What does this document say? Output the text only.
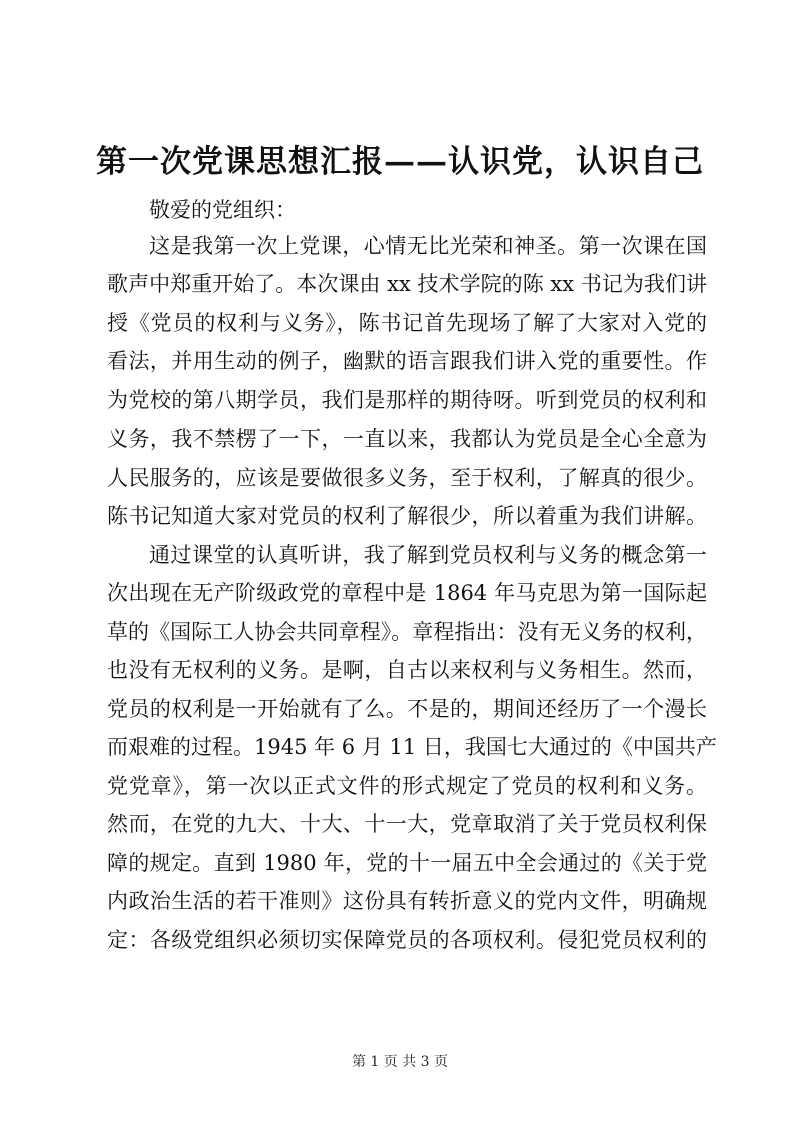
第一次党课思想汇报——认识党，认识自己
敬爱的党组织：
这是我第一次上党课，心情无比光荣和神圣。第一次课在国
歌声中郑重开始了。本次课由 xx 技术学院的陈 xx 书记为我们讲
授《党员的权利与义务》，陈书记首先现场了解了大家对入党的
看法，并用生动的例子，幽默的语言跟我们讲入党的重要性。作
为党校的第八期学员，我们是那样的期待呀。听到党员的权利和
义务，我不禁楞了一下，一直以来，我都认为党员是全心全意为
人民服务的，应该是要做很多义务，至于权利，了解真的很少。
陈书记知道大家对党员的权利了解很少，所以着重为我们讲解。
通过课堂的认真听讲，我了解到党员权利与义务的概念第一
次出现在无产阶级政党的章程中是 1864 年马克思为第一国际起
草的《国际工人协会共同章程》。章程指出：没有无义务的权利，
也没有无权利的义务。是啊，自古以来权利与义务相生。然而，
党员的权利是一开始就有了么。不是的，期间还经历了一个漫长
而艰难的过程。1945 年 6 月 11 日，我国七大通过的《中国共产
党党章》，第一次以正式文件的形式规定了党员的权利和义务。
然而，在党的九大、十大、十一大，党章取消了关于党员权利保
障的规定。直到 1980 年，党的十一届五中全会通过的《关于党
内政治生活的若干准则》这份具有转折意义的党内文件，明确规
定：各级党组织必须切实保障党员的各项权利。侵犯党员权利的
第 1 页 共 3 页
